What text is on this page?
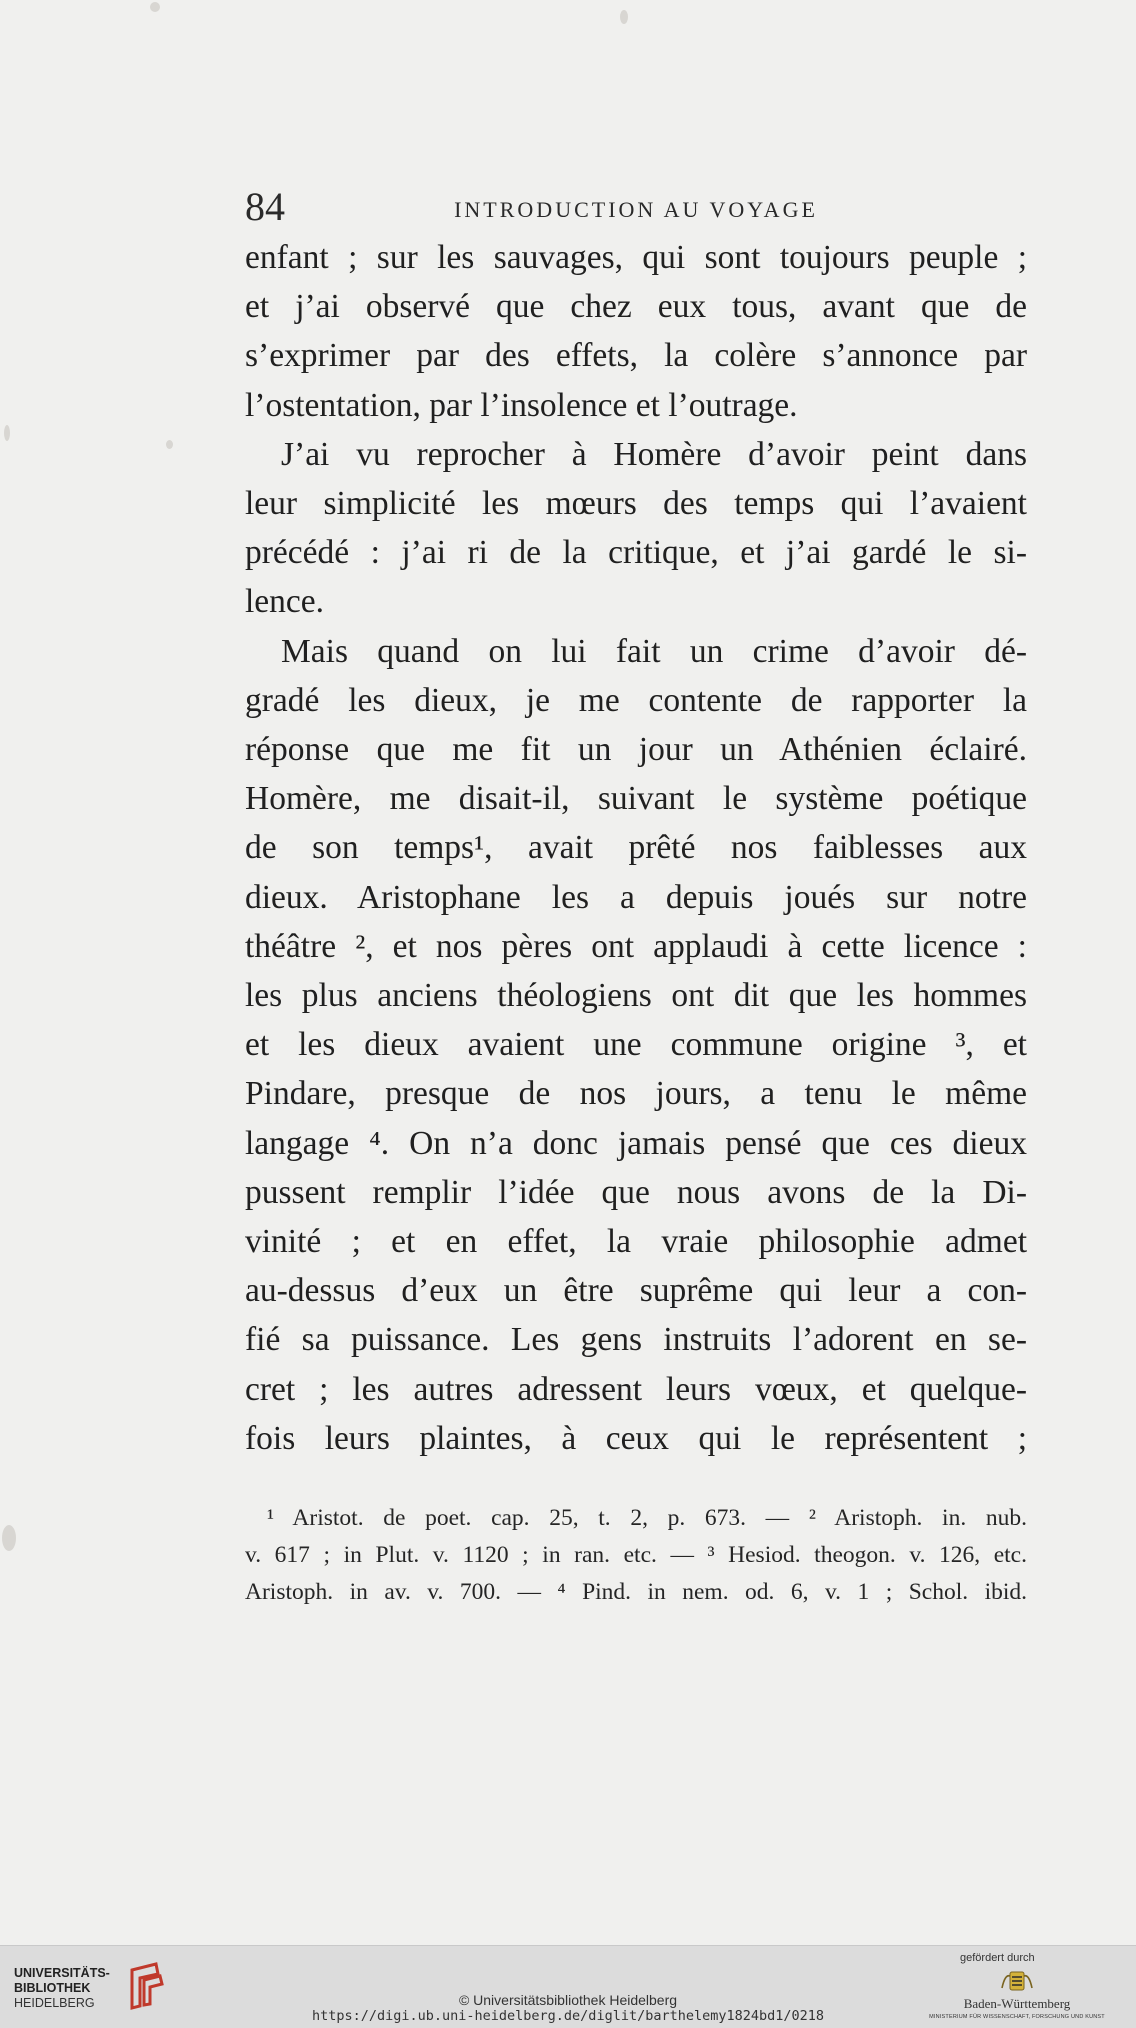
84	INTRODUCTION AU VOYAGE
enfant ; sur les sauvages, qui sont toujours peuple ;
et j’ai observé que chez eux tous, avant que de
s’exprimer par des effets, la colère s’annonce par
l’ostentation, par l’insolence et l’outrage.
J’ai vu reprocher à Homère d’avoir peint dans
leur simplicité les mœurs des temps qui l’avaient
précédé : j’ai ri de la critique, et j’ai gardé le si-
lence.
Mais quand on lui fait un crime d’avoir dé-
gradé les dieux, je me contente de rapporter la
réponse que me fit un jour un Athénien éclairé.
Homère, me disait-il, suivant le système poétique
de son temps¹, avait prêté nos faiblesses aux
dieux. Aristophane les a depuis joués sur notre
théâtre ², et nos pères ont applaudi à cette licence :
les plus anciens théologiens ont dit que les hommes
et les dieux avaient une commune origine ³, et
Pindare, presque de nos jours, a tenu le même
langage ⁴. On n’a donc jamais pensé que ces dieux
pussent remplir l’idée que nous avons de la Di-
vinité ; et en effet, la vraie philosophie admet
au-dessus d’eux un être suprême qui leur a con-
fié sa puissance. Les gens instruits l’adorent en se-
cret ; les autres adressent leurs vœux, et quelque-
fois leurs plaintes, à ceux qui le représentent ;
¹ Aristot. de poet. cap. 25, t. 2, p. 673. — ² Aristoph. in. nub.
v. 617 ; in Plut. v. 1120 ; in ran. etc. — ³ Hesiod. theogon. v. 126, etc.
Aristoph. in av. v. 700. — ⁴ Pind. in nem. od. 6, v. 1 ; Schol. ibid.
UNIVERSITÄTS-
BIBLIOTHEK
HEIDELBERG	© Universitätsbibliothek Heidelberg
https://digi.ub.uni-heidelberg.de/diglit/barthelemy1824bd1/0218
gefördert durch
Baden-Württemberg
MINISTERIUM FÜR WISSENSCHAFT, FORSCHUNG UND KUNST
